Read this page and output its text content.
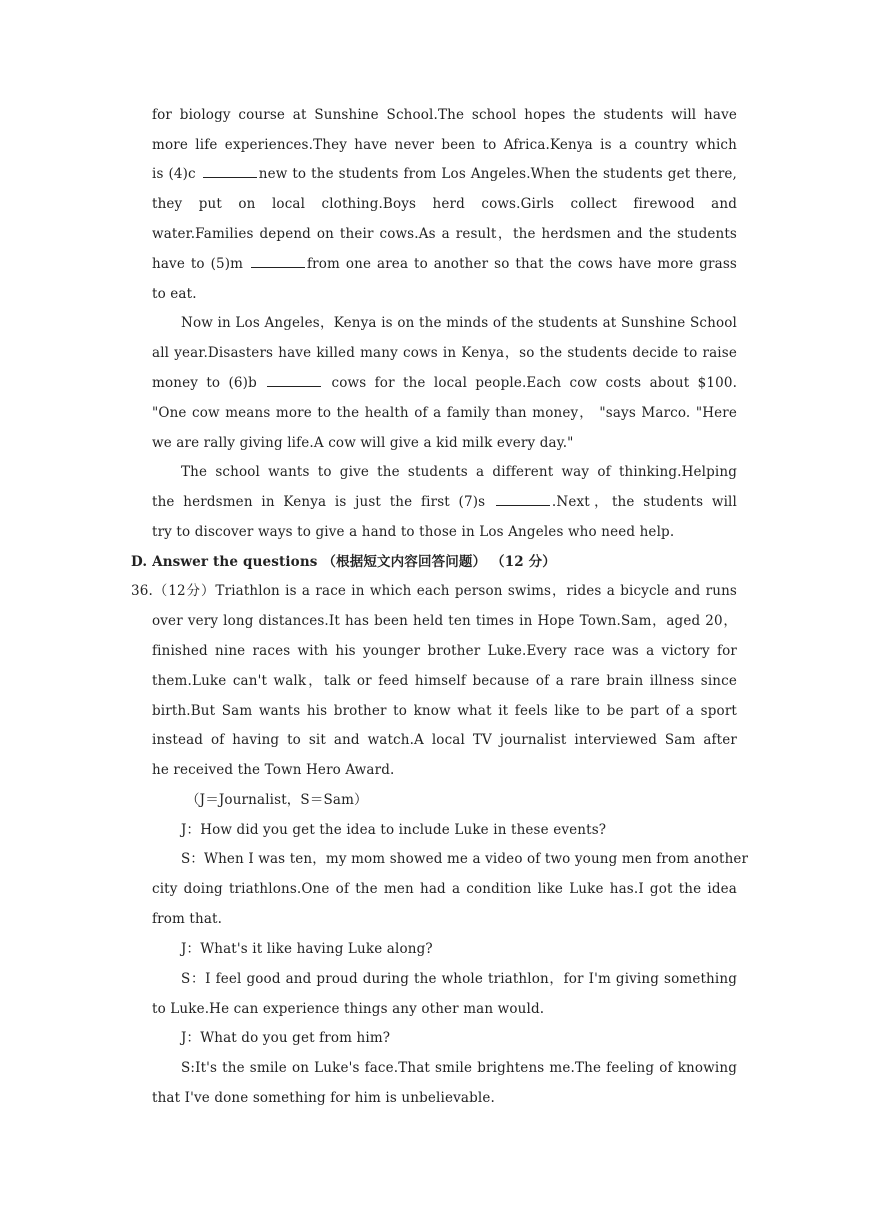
for biology course at Sunshine School.The school hopes the students will have
more life experiences.They have never been to Africa.Kenya is a country which
is (4)c	new to the students from Los Angeles.When the students get there,
they put on local clothing.Boys herd cows.Girls collect firewood and
water.Families depend on their cows.As a result，the herdsmen and the students
have to (5)m	from one area to another so that the cows have more grass
to eat.
Now in Los Angeles，Kenya is on the minds of the students at Sunshine School
all year.Disasters have killed many cows in Kenya，so the students decide to raise
money to (6)b	cows for the local people.Each cow costs about $100.
"One cow means more to the health of a family than money， "says Marco. "Here
we are rally giving life.A cow will give a kid milk every day."
The school wants to give the students a different way of thinking.Helping
the herdsmen in Kenya is just the first (7)s	.Next，the students will
try to discover ways to give a hand to those in Los Angeles who need help.
D. Answer the questions （根据短文内容回答问题） （12 分）
36.（12分）Triathlon is a race in which each person swims，rides a bicycle and runs
over very long distances.It has been held ten times in Hope Town.Sam，aged 20，
finished nine races with his younger brother Luke.Every race was a victory for
them.Luke can't walk，talk or feed himself because of a rare brain illness since
birth.But Sam wants his brother to know what it feels like to be part of a sport
instead of having to sit and watch.A local TV journalist interviewed Sam after
he received the Town Hero Award.
（J＝Journalist，S＝Sam）
J：How did you get the idea to include Luke in these events?
S：When I was ten，my mom showed me a video of two young men from another
city doing triathlons.One of the men had a condition like Luke has.I got the idea
from that.
J：What's it like having Luke along?
S：I feel good and proud during the whole triathlon，for I'm giving something
to Luke.He can experience things any other man would.
J：What do you get from him?
S:It's the smile on Luke's face.That smile brightens me.The feeling of knowing
that I've done something for him is unbelievable.
